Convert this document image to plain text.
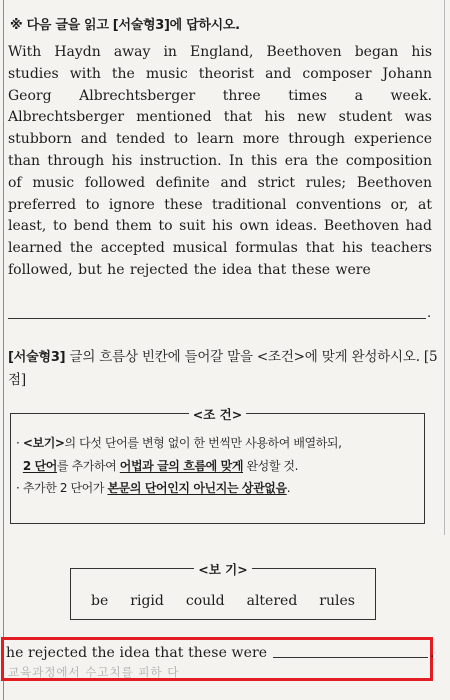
※ 다음 글을 읽고 [서술형3]에 답하시오.

With Haydn away in England, Beethoven began his studies with the music theorist and composer Johann Georg Albrechtsberger three times a week. Albrechtsberger mentioned that his new student was stubborn and tended to learn more through experience than through his instruction. In this era the composition of music followed definite and strict rules; Beethoven preferred to ignore these traditional conventions or, at least, to bend them to suit his own ideas. Beethoven had learned the accepted musical formulas that his teachers followed, but he rejected the idea that these were

.

[서술형3] 글의 흐름상 빈칸에 들어갈 말을 <조건>에 맞게 완성하시오. [5점]

<조 건>
· <보기>의 다섯 단어를 변형 없이 한 번씩만 사용하여 배열하되,
2 단어를 추가하여 어법과 글의 흐름에 맞게 완성할 것.
· 추가한 2 단어가 본문의 단어인지 아닌지는 상관없음.
<보 기>
be rigid could altered rules
he rejected the idea that these were	.
교육과정에서 수고치를 피하 다
